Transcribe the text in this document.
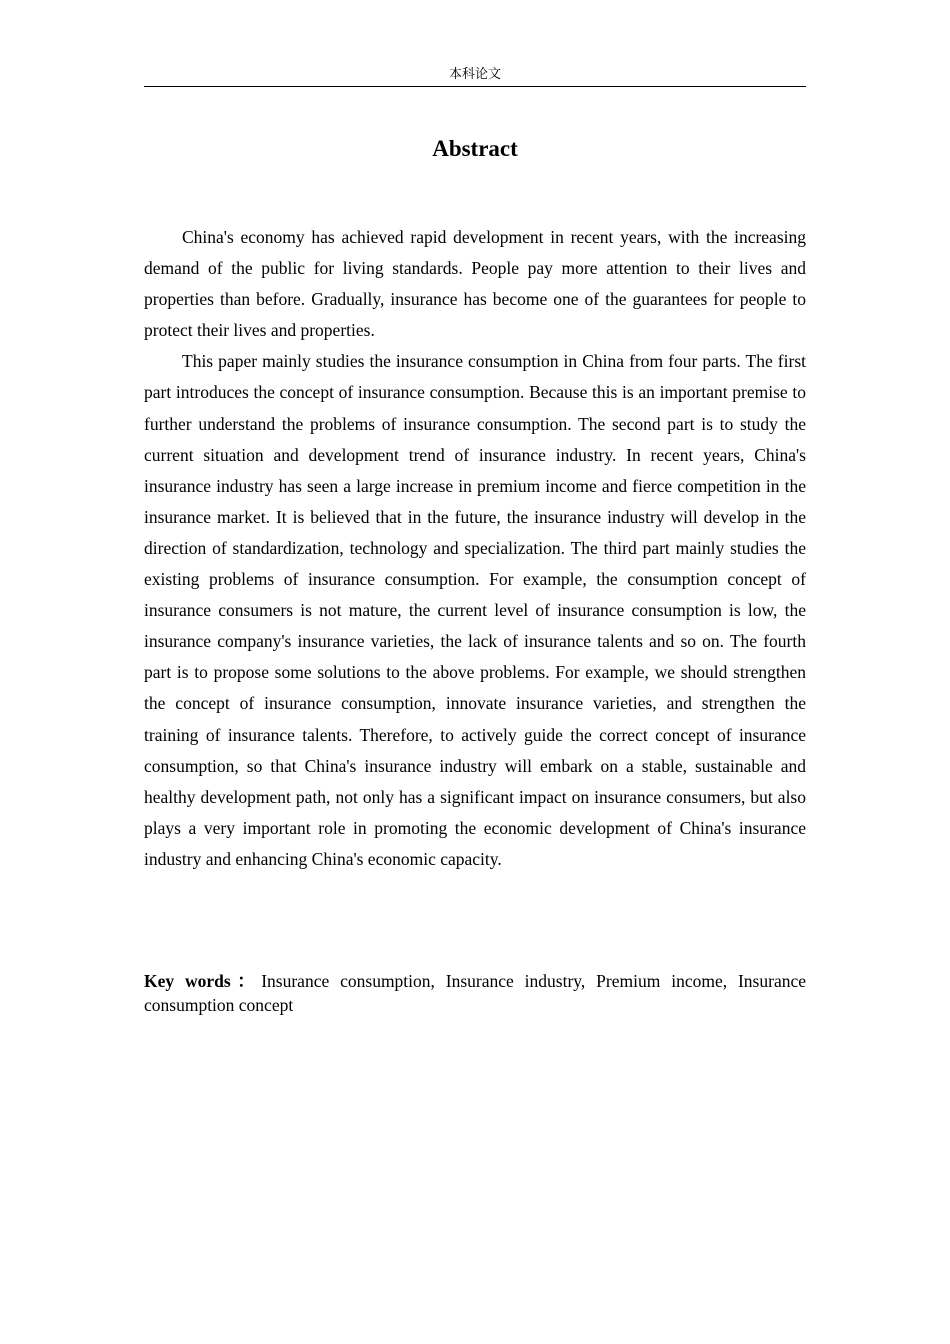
本科论文
Abstract

China's economy has achieved rapid development in recent years, with the increasing demand of the public for living standards. People pay more attention to their lives and properties than before. Gradually, insurance has become one of the guarantees for people to protect their lives and properties.

This paper mainly studies the insurance consumption in China from four parts. The first part introduces the concept of insurance consumption. Because this is an important premise to further understand the problems of insurance consumption. The second part is to study the current situation and development trend of insurance industry. In recent years, China's insurance industry has seen a large increase in premium income and fierce competition in the insurance market. It is believed that in the future, the insurance industry will develop in the direction of standardization, technology and specialization. The third part mainly studies the existing problems of insurance consumption. For example, the consumption concept of insurance consumers is not mature, the current level of insurance consumption is low, the insurance company's insurance varieties, the lack of insurance talents and so on. The fourth part is to propose some solutions to the above problems. For example, we should strengthen the concept of insurance consumption, innovate insurance varieties, and strengthen the training of insurance talents. Therefore, to actively guide the correct concept of insurance consumption, so that China's insurance industry will embark on a stable, sustainable and healthy development path, not only has a significant impact on insurance consumers, but also plays a very important role in promoting the economic development of China's insurance industry and enhancing China's economic capacity.

Key words：Insurance consumption, Insurance industry, Premium income, Insurance consumption concept
